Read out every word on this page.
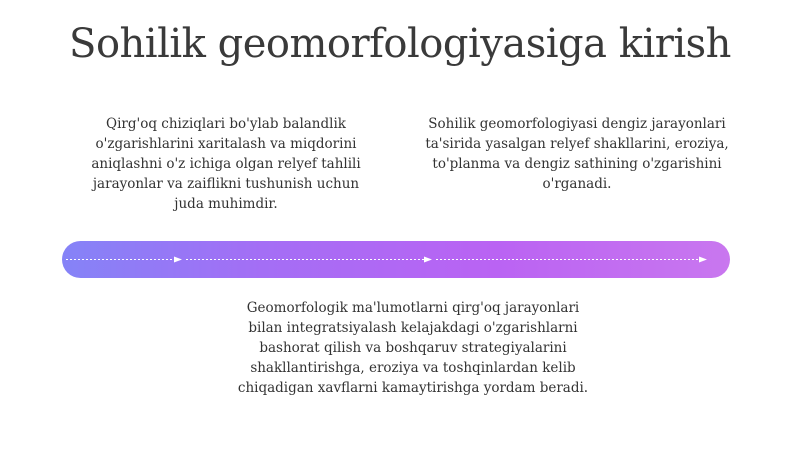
Sohilik geomorfologiyasiga kirish

Qirg'oq chiziqlari bo'ylab balandlik o'zgarishlarini xaritalash va miqdorini aniqlashni o'z ichiga olgan relyef tahlili jarayonlar va zaiflikni tushunish uchun juda muhimdir.

Sohilik geomorfologiyasi dengiz jarayonlari ta'sirida yasalgan relyef shakllarini, eroziya, to'planma va dengiz sathining o'zgarishini o'rganadi.

Geomorfologik ma'lumotlarni qirg'oq jarayonlari bilan integratsiyalash kelajakdagi o'zgarishlarni bashorat qilish va boshqaruv strategiyalarini shakllantirishga, eroziya va toshqinlardan kelib chiqadigan xavflarni kamaytirishga yordam beradi.
